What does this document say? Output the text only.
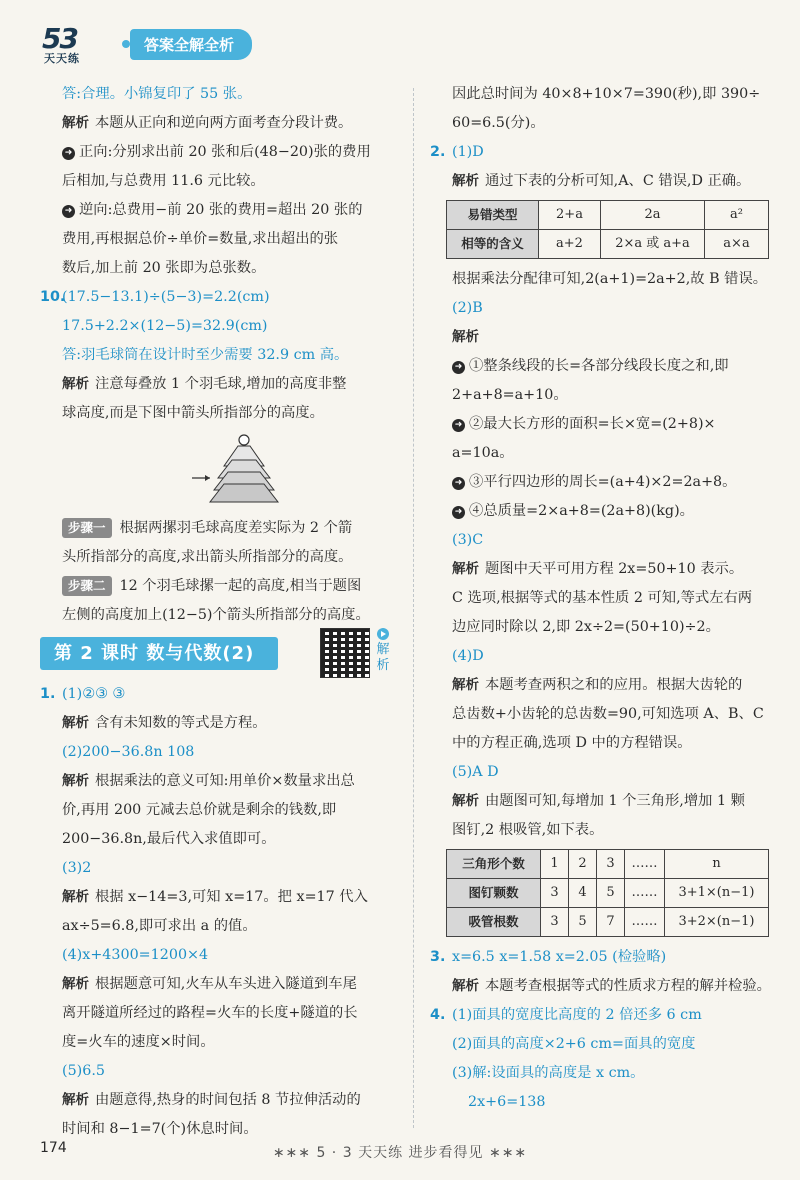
53
天天练
答案全解全析
答:合理。小锦复印了 55 张。
解析 本题从正向和逆向两方面考查分段计费。
➜ 正向:分别求出前 20 张和后(48−20)张的费用
后相加,与总费用 11.6 元比较。
➜ 逆向:总费用−前 20 张的费用=超出 20 张的
费用,再根据总价÷单价=数量,求出超出的张
数后,加上前 20 张即为总张数。
10.(17.5−13.1)÷(5−3)=2.2(cm)
17.5+2.2×(12−5)=32.9(cm)
答:羽毛球筒在设计时至少需要 32.9 cm 高。
解析 注意每叠放 1 个羽毛球,增加的高度非整
球高度,而是下图中箭头所指部分的高度。
步骤一 根据两摞羽毛球高度差实际为 2 个箭
头所指部分的高度,求出箭头所指部分的高度。
步骤二 12 个羽毛球摞一起的高度,相当于题图
左侧的高度加上(12−5)个箭头所指部分的高度。
第 2 课时 数与代数(2)	解析
1. (1)②③ ③
解析 含有未知数的等式是方程。
(2)200−36.8n 108
解析 根据乘法的意义可知:用单价×数量求出总
价,再用 200 元减去总价就是剩余的钱数,即
200−36.8n,最后代入求值即可。
(3)2
解析 根据 x−14=3,可知 x=17。把 x=17 代入
ax÷5=6.8,即可求出 a 的值。
(4)x+4300=1200×4
解析 根据题意可知,火车从车头进入隧道到车尾
离开隧道所经过的路程=火车的长度+隧道的长
度=火车的速度×时间。
(5)6.5
解析 由题意得,热身的时间包括 8 节拉伸活动的
时间和 8−1=7(个)休息时间。
因此总时间为 40×8+10×7=390(秒),即 390÷
60=6.5(分)。
2. (1)D
解析 通过下表的分析可知,A、C 错误,D 正确。
易错类型	2+a	2a	a²
相等的含义	a+2	2×a 或 a+a	a×a
根据乘法分配律可知,2(a+1)=2a+2,故 B 错误。
(2)B
解析
➜ ①整条线段的长=各部分线段长度之和,即
2+a+8=a+10。
➜ ②最大长方形的面积=长×宽=(2+8)×
a=10a。
➜ ③平行四边形的周长=(a+4)×2=2a+8。
➜ ④总质量=2×a+8=(2a+8)(kg)。
(3)C
解析 题图中天平可用方程 2x=50+10 表示。
C 选项,根据等式的基本性质 2 可知,等式左右两
边应同时除以 2,即 2x÷2=(50+10)÷2。
(4)D
解析 本题考查两积之和的应用。根据大齿轮的
总齿数+小齿轮的总齿数=90,可知选项 A、B、C
中的方程正确,选项 D 中的方程错误。
(5)A D
解析 由题图可知,每增加 1 个三角形,增加 1 颗
图钉,2 根吸管,如下表。
三角形个数	1	2	3	……	n
图钉颗数	3	4	5	……	3+1×(n−1)
吸管根数	3	5	7	……	3+2×(n−1)
3. x=6.5 x=1.58 x=2.05 (检验略)
解析 本题考查根据等式的性质求方程的解并检验。
4. (1)面具的宽度比高度的 2 倍还多 6 cm
(2)面具的高度×2+6 cm=面具的宽度
(3)解:设面具的高度是 x cm。
2x+6=138
174	∗∗∗ 5 · 3 天天练 进步看得见 ∗∗∗
